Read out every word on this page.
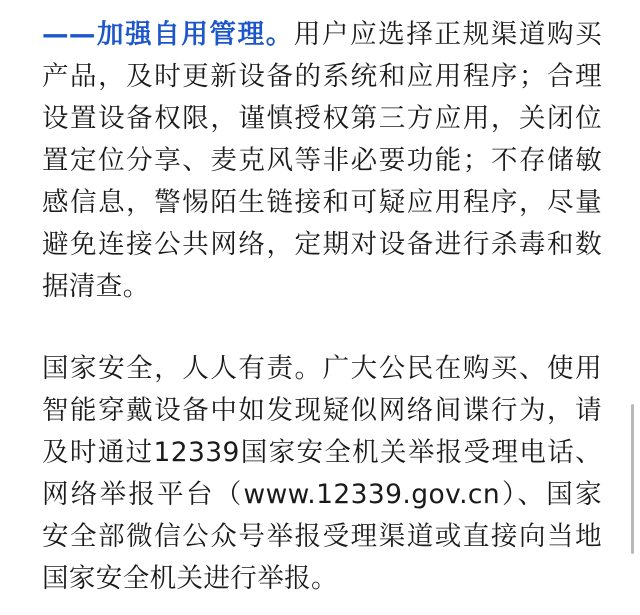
——加强自用管理。用户应选择正规渠道购买产品，及时更新设备的系统和应用程序；合理设置设备权限，谨慎授权第三方应用，关闭位置定位分享、麦克风等非必要功能；不存储敏感信息，警惕陌生链接和可疑应用程序，尽量避免连接公共网络，定期对设备进行杀毒和数据清查。

国家安全，人人有责。广大公民在购买、使用智能穿戴设备中如发现疑似网络间谍行为，请及时通过12339国家安全机关举报受理电话、网络举报平台（www.12339.gov.cn）、国家安全部微信公众号举报受理渠道或直接向当地国家安全机关进行举报。
